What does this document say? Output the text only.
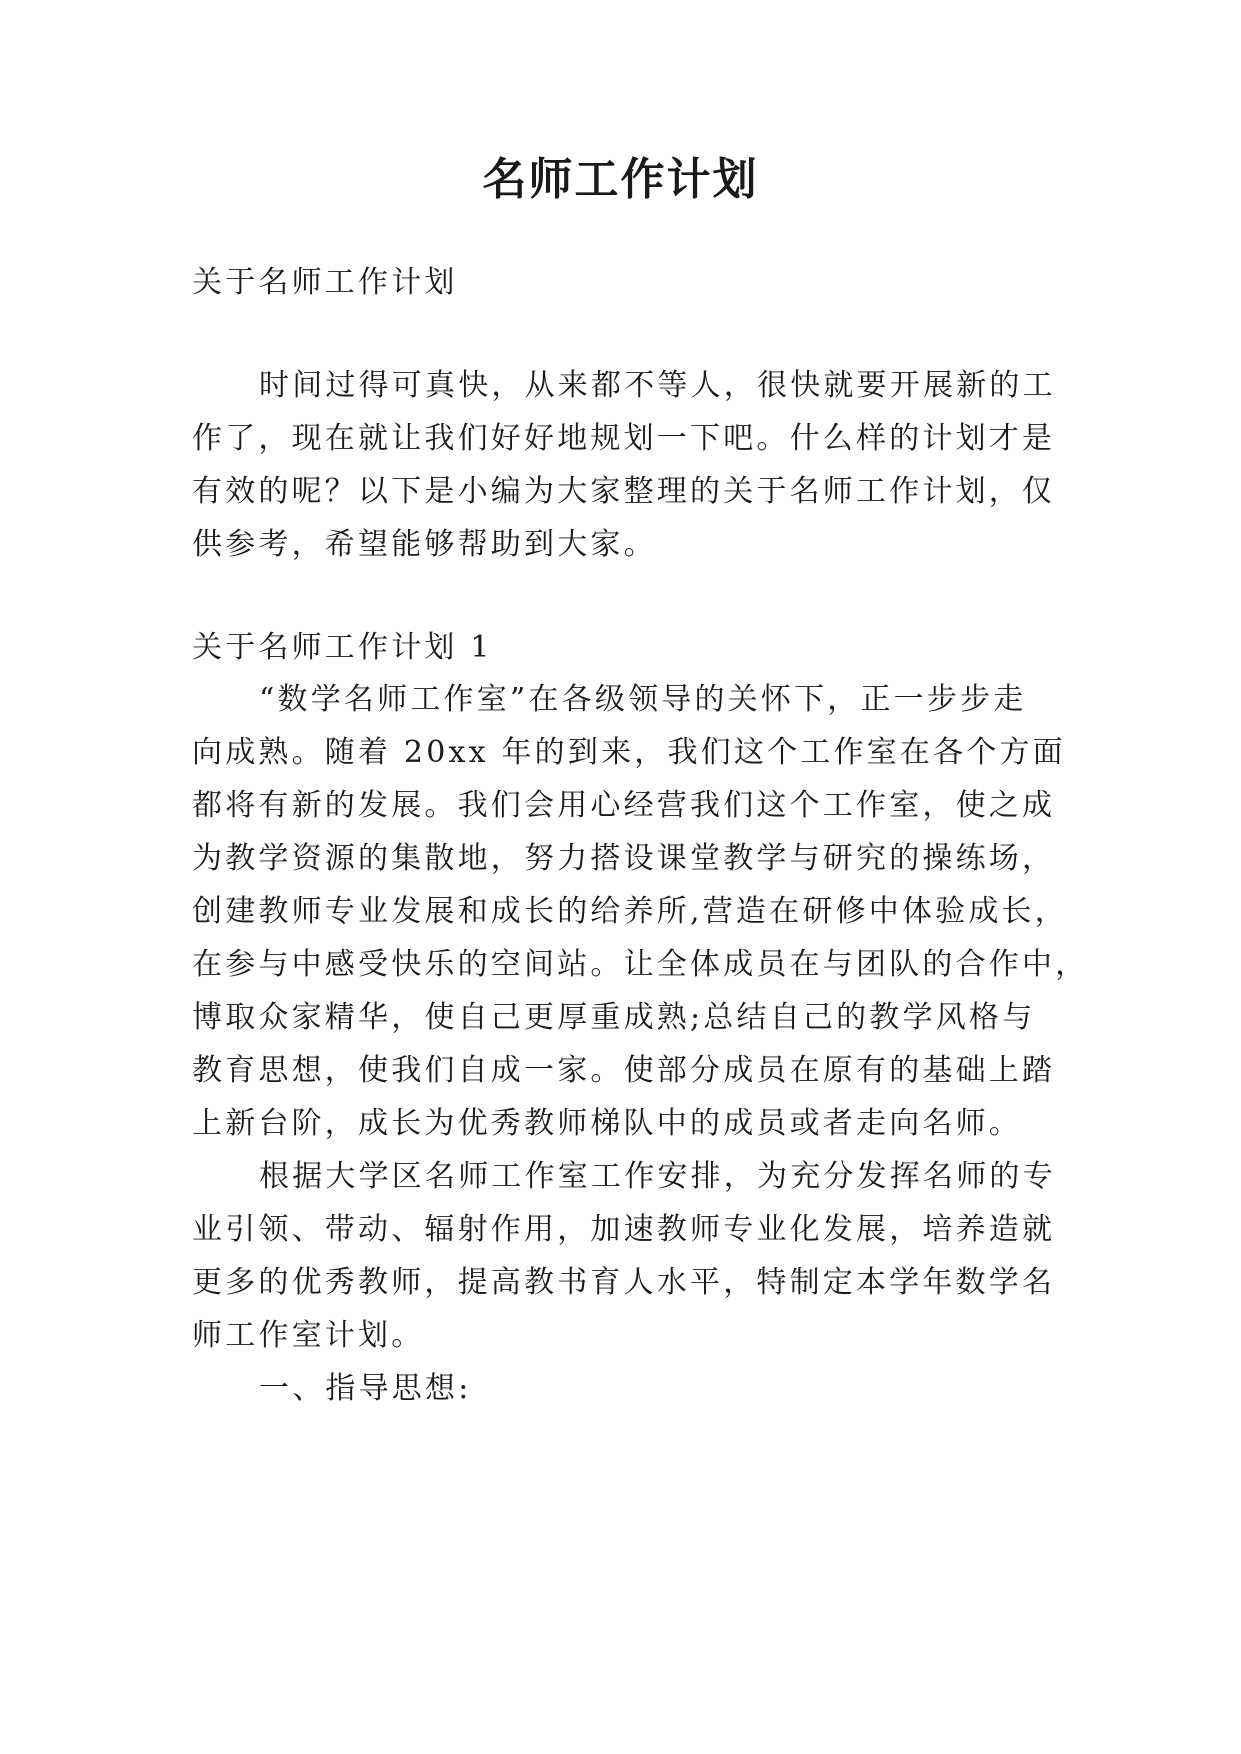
名师工作计划
关于名师工作计划
时间过得可真快，从来都不等人，很快就要开展新的工
作了，现在就让我们好好地规划一下吧。什么样的计划才是
有效的呢？以下是小编为大家整理的关于名师工作计划，仅
供参考，希望能够帮助到大家。
关于名师工作计划 1
“数学名师工作室”在各级领导的关怀下，正一步步走
向成熟。随着 20xx 年的到来，我们这个工作室在各个方面
都将有新的发展。我们会用心经营我们这个工作室，使之成
为教学资源的集散地，努力搭设课堂教学与研究的操练场，
创建教师专业发展和成长的给养所,营造在研修中体验成长，
在参与中感受快乐的空间站。让全体成员在与团队的合作中，
博取众家精华，使自己更厚重成熟;总结自己的教学风格与
教育思想，使我们自成一家。使部分成员在原有的基础上踏
上新台阶，成长为优秀教师梯队中的成员或者走向名师。
根据大学区名师工作室工作安排，为充分发挥名师的专
业引领、带动、辐射作用，加速教师专业化发展，培养造就
更多的优秀教师，提高教书育人水平，特制定本学年数学名
师工作室计划。
一、指导思想:
